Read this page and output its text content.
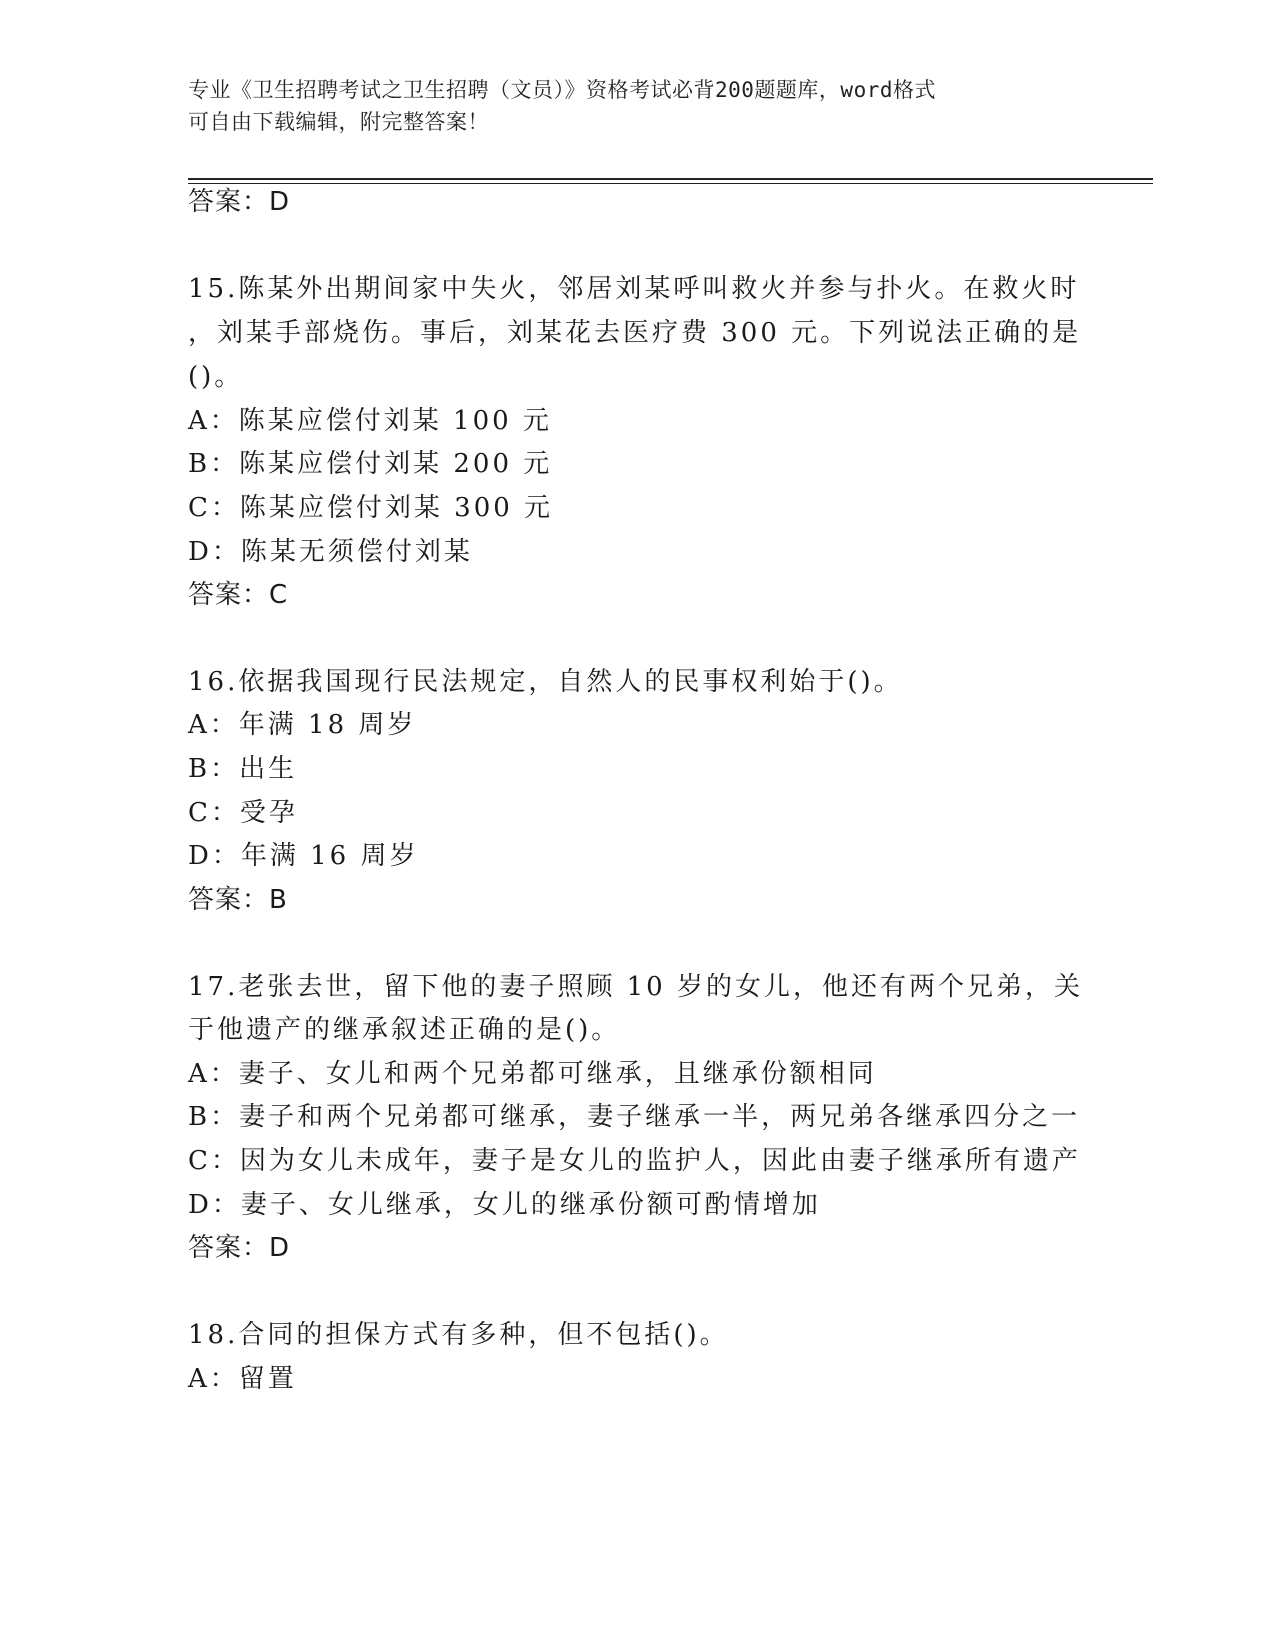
专业《卫生招聘考试之卫生招聘（文员）》资格考试必背200题题库，word格式
可自由下载编辑，附完整答案！
答案：D
15.陈某外出期间家中失火，邻居刘某呼叫救火并参与扑火。在救火时
，刘某手部烧伤。事后，刘某花去医疗费 300 元。下列说法正确的是
()。
A：陈某应偿付刘某 100 元
B：陈某应偿付刘某 200 元
C：陈某应偿付刘某 300 元
D：陈某无须偿付刘某
答案：C
16.依据我国现行民法规定，自然人的民事权利始于()。
A：年满 18 周岁
B：出生
C：受孕
D：年满 16 周岁
答案：B
17.老张去世，留下他的妻子照顾 10 岁的女儿，他还有两个兄弟，关
于他遗产的继承叙述正确的是()。
A：妻子、女儿和两个兄弟都可继承，且继承份额相同
B：妻子和两个兄弟都可继承，妻子继承一半，两兄弟各继承四分之一
C：因为女儿未成年，妻子是女儿的监护人，因此由妻子继承所有遗产
D：妻子、女儿继承，女儿的继承份额可酌情增加
答案：D
18.合同的担保方式有多种，但不包括()。
A：留置
